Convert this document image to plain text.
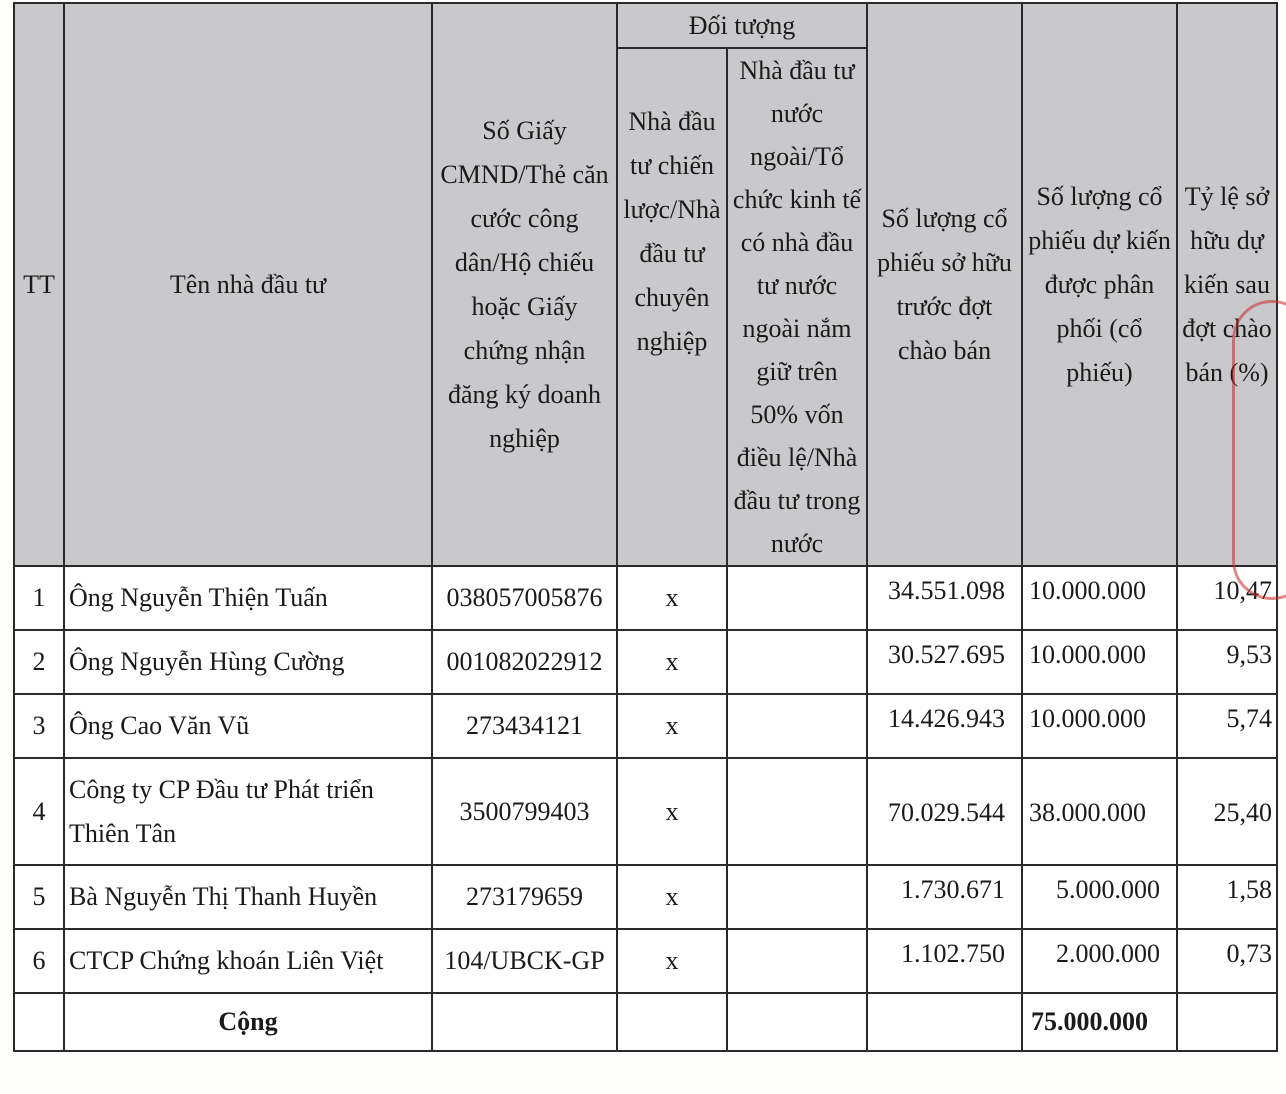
TT	Tên nhà đầu tư	Số Giấy CMND/Thẻ căn cước công dân/Hộ chiếu hoặc Giấy chứng nhận đăng ký doanh nghiệp	Đối tượng		Số lượng cổ phiếu sở hữu trước đợt chào bán	Số lượng cổ phiếu dự kiến được phân phối (cổ phiếu)	Tỷ lệ sở hữu dự kiến sau đợt chào bán (%)
			Nhà đầu tư chiến lược/Nhà đầu tư chuyên nghiệp	Nhà đầu tư nước ngoài/Tổ chức kinh tế có nhà đầu tư nước ngoài nắm giữ trên 50% vốn điều lệ/Nhà đầu tư trong nước			
1	Ông Nguyễn Thiện Tuấn	038057005876	x		34.551.098	10.000.000	10,47
2	Ông Nguyễn Hùng Cường	001082022912	x		30.527.695	10.000.000	9,53
3	Ông Cao Văn Vũ	273434121	x		14.426.943	10.000.000	5,74
4	Công ty CP Đầu tư Phát triển Thiên Tân	3500799403	x		70.029.544	38.000.000	25,40
5	Bà Nguyễn Thị Thanh Huyền	273179659	x		1.730.671	5.000.000	1,58
6	CTCP Chứng khoán Liên Việt	104/UBCK-GP	x		1.102.750	2.000.000	0,73
	Cộng					75.000.000	
